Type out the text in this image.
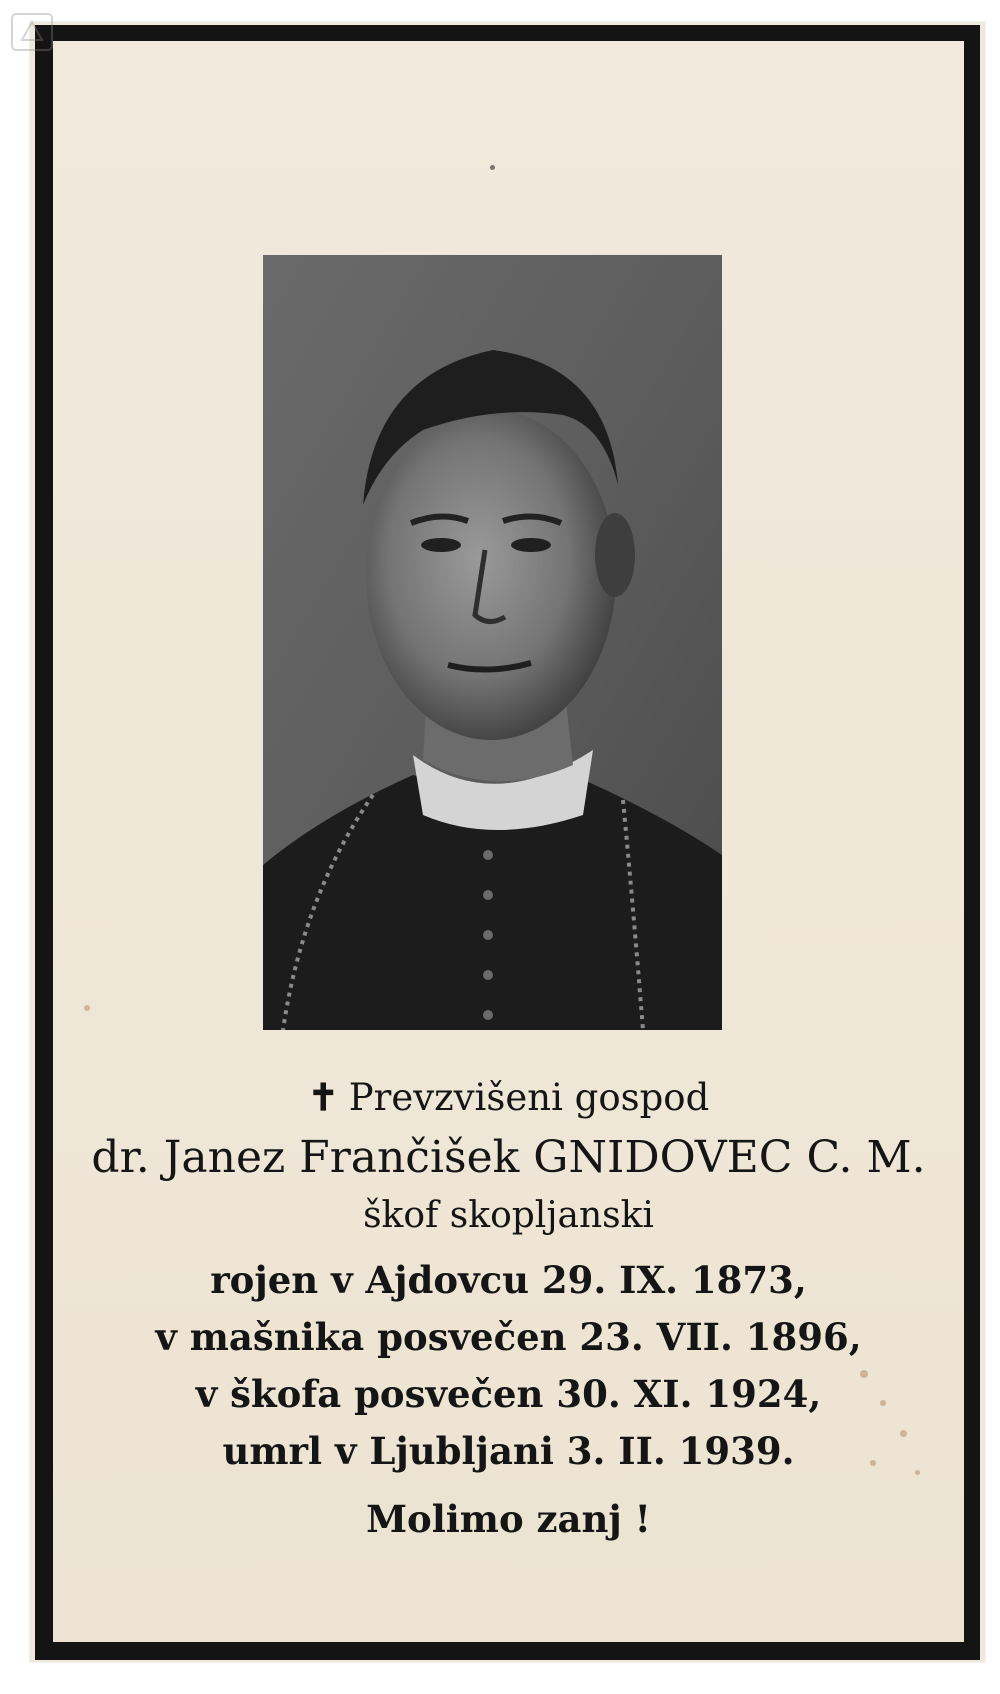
✝ Prevzvišeni gospod
dr. Janez Frančišek GNIDOVEC C. M.
škof skopljanski
rojen v Ajdovcu 29. IX. 1873,
v mašnika posvečen 23. VII. 1896,
v škofa posvečen 30. XI. 1924,
umrl v Ljubljani 3. II. 1939.
Molimo zanj !
